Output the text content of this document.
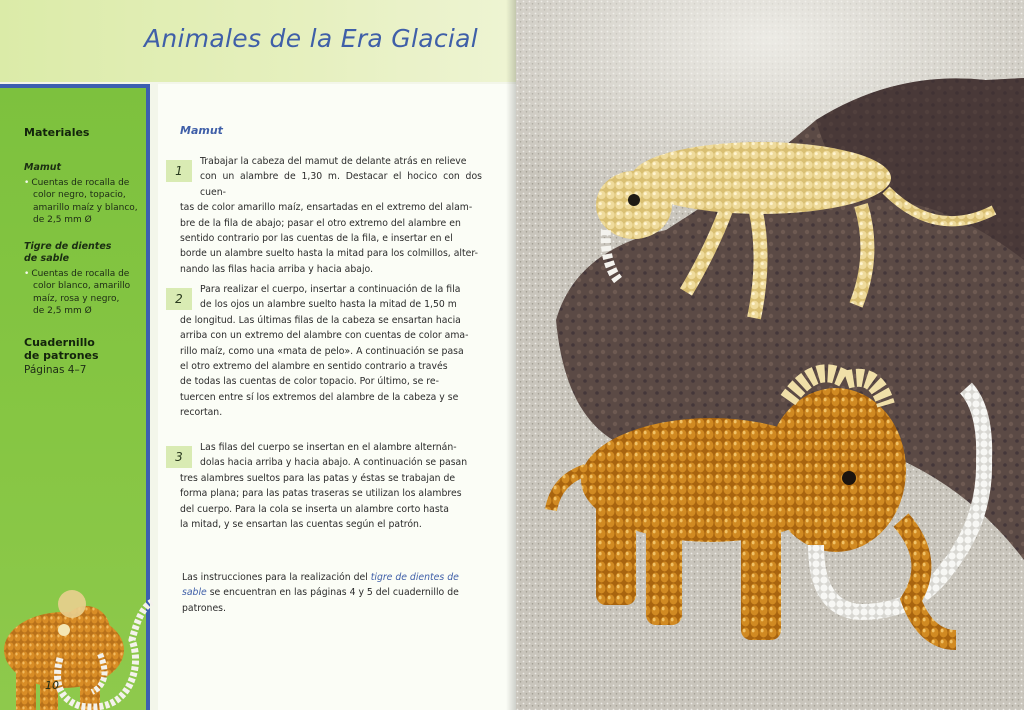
Animales de la Era Glacial
Materiales
Mamut
• Cuentas de rocalla de
color negro, topacio,
amarillo maíz y blanco,
de 2,5 mm Ø
Tigre de dientes
de sable
• Cuentas de rocalla de
color blanco, amarillo
maíz, rosa y negro,
de 2,5 mm Ø
Cuadernillo
de patrones
Páginas 4–7
10
Mamut
1
Trabajar la cabeza del mamut de delante atrás en relieve
con un alambre de 1,30 m. Destacar el hocico con dos cuen-
tas de color amarillo maíz, ensartadas en el extremo del alam-
bre de la fila de abajo; pasar el otro extremo del alambre en
sentido contrario por las cuentas de la fila, e insertar en el
borde un alambre suelto hasta la mitad para los colmillos, alter-
nando las filas hacia arriba y hacia abajo.
2
Para realizar el cuerpo, insertar a continuación de la fila
de los ojos un alambre suelto hasta la mitad de 1,50 m
de longitud. Las últimas filas de la cabeza se ensartan hacia
arriba con un extremo del alambre con cuentas de color ama-
rillo maíz, como una «mata de pelo». A continuación se pasa
el otro extremo del alambre en sentido contrario a través
de todas las cuentas de color topacio. Por último, se re-
tuercen entre sí los extremos del alambre de la cabeza y se
recortan.
3
Las filas del cuerpo se insertan en el alambre alternán-
dolas hacia arriba y hacia abajo. A continuación se pasan
tres alambres sueltos para las patas y éstas se trabajan de
forma plana; para las patas traseras se utilizan los alambres
del cuerpo. Para la cola se inserta un alambre corto hasta
la mitad, y se ensartan las cuentas según el patrón.
Las instrucciones para la realización del tigre de dientes de sable se encuentran en las páginas 4 y 5 del cuadernillo de patrones.
